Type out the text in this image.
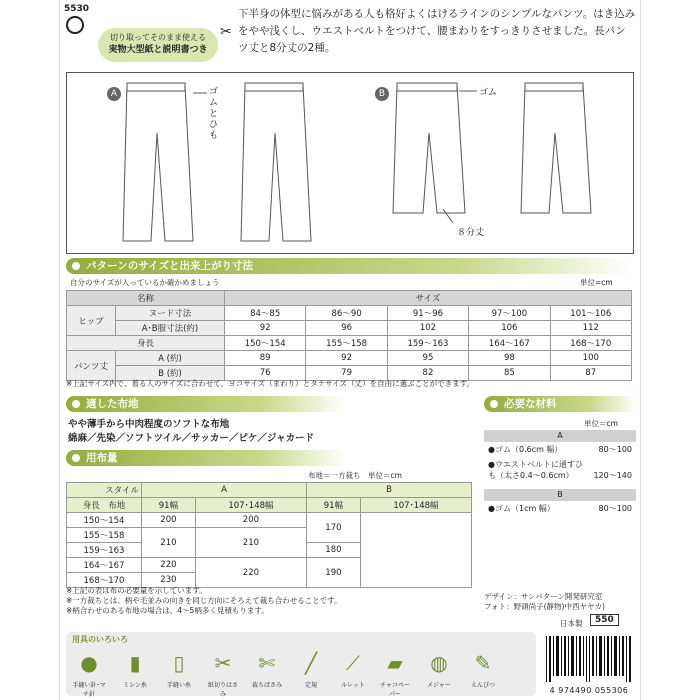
5530
切り取ってそのまま使える
実物大型紙と説明書つき
✂
下半身の体型に悩みがある人も格好よくはけるラインのシンプルなパンツ。はき込みをやや浅くし、ウエストベルトをつけて、腰まわりをすっきりさせました。長パンツ丈と8分丈の2種。
A	B
ゴムとひも
ゴム
８分丈
パターンのサイズと出来上がり寸法
自分のサイズが入っているか確かめましょう	単位=cm
名称		サイズ				
ヒップ	ヌード寸法	84〜85	86〜90	91〜96	97〜100	101〜106
	A･B服寸法(約)	92	96	102	106	112
身長		150〜154	155〜158	159〜163	164〜167	168〜170
パンツ丈	A (約)	89	92	95	98	100
	B (約)	76	79	82	85	87
※上記サイズ内で、着る人のサイズに合わせて、ヨコサイズ（まわり）とタテサイズ（丈）を自由に選ぶことができます。
適した布地
やや薄手から中肉程度のソフトな布地
綿麻／先染／ソフトツイル／サッカー／ピケ／ジャカード
用布量
布地＝一方裁ち　単位＝cm
スタイル	A		B	
身長　 布地	91幅	107･148幅	91幅	107･148幅
150〜154	200	200	170	
155〜158	210	210		
159〜163			180	
164〜167	220	220	190	
168〜170	230			
※上記の表は布の必要量を示しています。
※一方裁ちとは、柄や毛並みの向きを同じ方向にそろえて裁ち合わせることです。
※柄合わせのある布地の場合は、4〜5柄多く見積もります。
必要な材料
単位＝cm
A
●ゴム（0.6cm 幅）	80〜100
●ウエストベルトに通すひも（太さ0.4〜0.6cm）	120〜140
B
●ゴム（1cm 幅）	80〜100
デザイン：サンパターン開発研究室
フォト：野頭尚子(静物)中西ヤヤカ)
日本製	550
用具のいろいろ
●
手縫い針･マチ針
▮
ミシン糸
▯
手縫い糸
✂
紙切りはさみ
✄
裁ちばさみ
╱
定規
⟋
ルレット
▰
チャコペーパー
◍
メジャー
✎
えんぴつ
4 974490 055306
